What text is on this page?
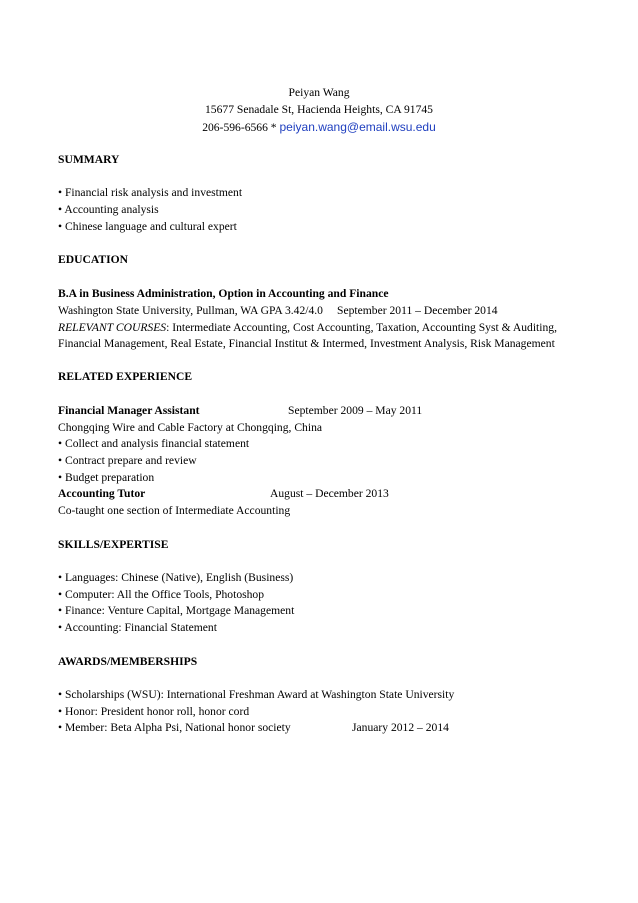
Peiyan Wang
15677 Senadale St, Hacienda Heights, CA 91745
206-596-6566 * peiyan.wang@email.wsu.edu
SUMMARY
• Financial risk analysis and investment
• Accounting analysis
• Chinese language and cultural expert
EDUCATION
B.A in Business Administration, Option in Accounting and Finance
Washington State University, Pullman, WA GPA 3.42/4.0 September 2011 – December 2014
RELEVANT COURSES: Intermediate Accounting, Cost Accounting, Taxation, Accounting Syst & Auditing,
Financial Management, Real Estate, Financial Institut & Intermed, Investment Analysis, Risk Management
RELATED EXPERIENCE
Financial Manager Assistant	September 2009 – May 2011
Chongqing Wire and Cable Factory at Chongqing, China
• Collect and analysis financial statement
• Contract prepare and review
• Budget preparation
Accounting Tutor	August – December 2013
Co-taught one section of Intermediate Accounting
SKILLS/EXPERTISE
• Languages: Chinese (Native), English (Business)
• Computer: All the Office Tools, Photoshop
• Finance: Venture Capital, Mortgage Management
• Accounting: Financial Statement
AWARDS/MEMBERSHIPS
• Scholarships (WSU): International Freshman Award at Washington State University
• Honor: President honor roll, honor cord
• Member: Beta Alpha Psi, National honor society	January 2012 – 2014
